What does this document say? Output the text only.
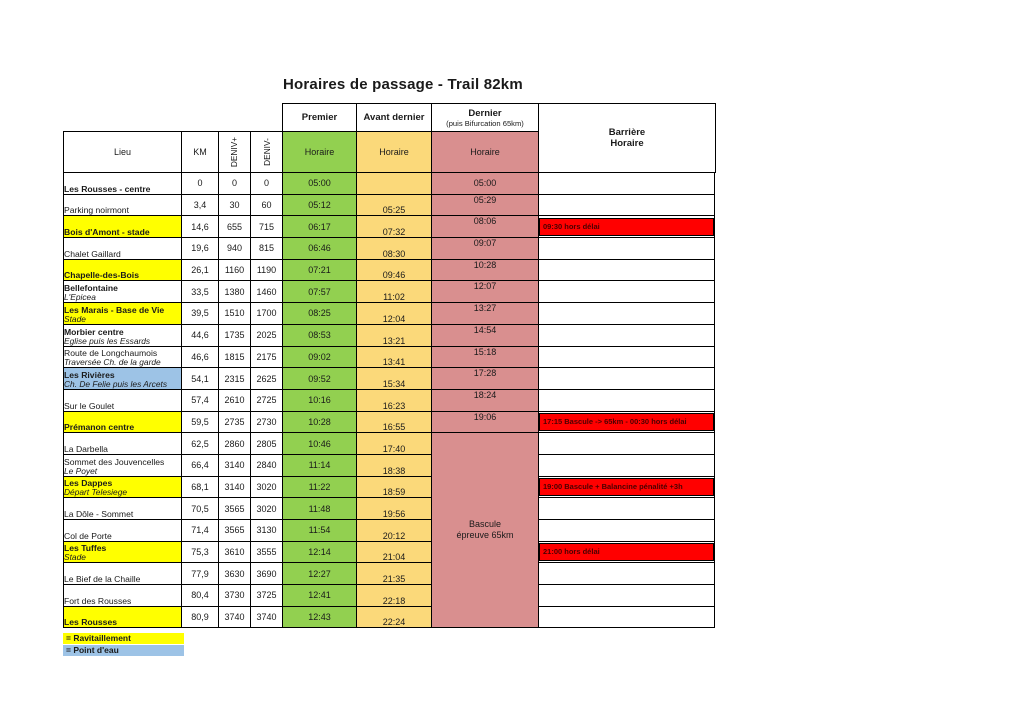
Horaires de passage - Trail 82km
Premier	Avant dernier	Dernier
(puis Bifurcation 65km)
Barrière
Horaire
Lieu	KM	DENIV+	DENIV-	Horaire	Horaire	Horaire
Les Rousses - centre	0	0	0	05:00		05:00	

Parking noirmont	3,4	30	60	05:12	05:25	05:29	

Bois d'Amont - stade	14,6	655	715	06:17	07:32	08:06	09:30 hors délai

Chalet Gaillard	19,6	940	815	06:46	08:30	09:07	

Chapelle-des-Bois	26,1	1160	1190	07:21	09:46	10:28	

Bellefontaine
L'Epicea	33,5	1380	1460	07:57	11:02	12:07	

Les Marais - Base de Vie
Stade	39,5	1510	1700	08:25	12:04	13:27	

Morbier centre
Eglise puis les Essards	44,6	1735	2025	08:53	13:21	14:54	

Route de Longchaumois
Traversée Ch. de la garde	46,6	1815	2175	09:02	13:41	15:18	

Les Rivières
Ch. De Felie puis les Arcets	54,1	2315	2625	09:52	15:34	17:28	

Sur le Goulet	57,4	2610	2725	10:16	16:23	18:24	

Prémanon centre	59,5	2735	2730	10:28	16:55	19:06	17:15 Bascule -> 65km - 00:30 hors délai

La Darbella	62,5	2860	2805	10:46	17:40	Bascule
épreuve 65km	

Sommet des Jouvencelles
Le Poyet	66,4	3140	2840	11:14	18:38		

Les Dappes
Départ Telesiege	68,1	3140	3020	11:22	18:59		19:00 Bascule + Balancine pénalité +3h

La Dôle - Sommet	70,5	3565	3020	11:48	19:56		

Col de Porte	71,4	3565	3130	11:54	20:12		

Les Tuffes
Stade	75,3	3610	3555	12:14	21:04		21:00 hors délai

Le Bief de la Chaille	77,9	3630	3690	12:27	21:35		

Fort des Rousses	80,4	3730	3725	12:41	22:18		

Les Rousses	80,9	3740	3740	12:43	22:24		
= Ravitaillement
= Point d'eau
